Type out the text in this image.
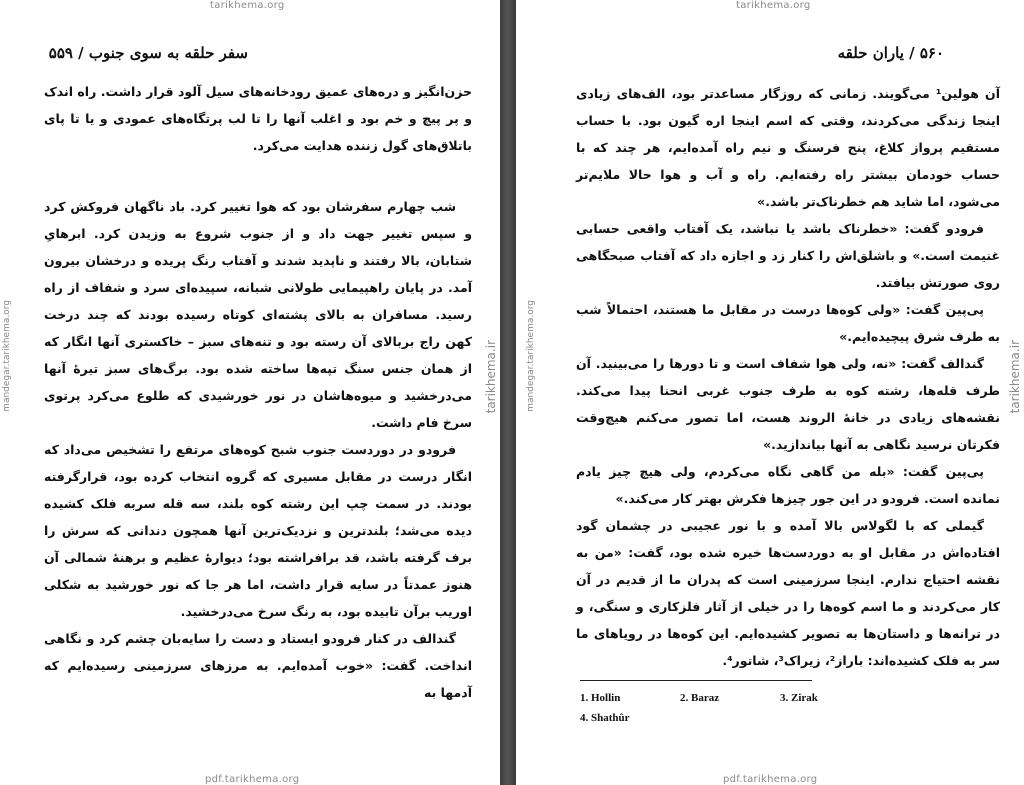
tarikhema.org
mandegar.tarikhema.org	tarikhema.ir
سفر حلقه به سوی جنوب / ۵۵۹

حزن‌انگیز و دره‌های عمیق رودخانه‌های سیل آلود قرار داشت. راه اندک و پر پیچ و خم بود و اغلب آنها را تا لب پرتگاه‌های عمودی و یا تا پای باتلاق‌های گول زننده هدایت می‌کرد.

شب چهارم سفرشان بود که هوا تغییر کرد. باد ناگهان فروکش کرد و سپس تغییر جهت داد و از جنوب شروع به وزیدن کرد. ابرهایِ شتابان، بالا رفتند و ناپدید شدند و آفتاب رنگ پریده و درخشان بیرون آمد. در پایان راهپیمایی طولانی شبانه، سپیده‌ای سرد و شفاف از راه رسید. مسافران به بالای پشته‌ای کوتاه رسیده بودند که چند درخت کهن راج بربالای آن رسته بود و تنه‌های سبز – خاکستری آنها انگار که از همان جنس سنگ تپه‌ها ساخته شده بود. برگ‌های سبز تیرهٔ آنها می‌درخشید و میوه‌هاشان در نور خورشیدی که طلوع می‌کرد پرتوی سرخ فام داشت.

فرودو در دوردست جنوب شبح کوه‌های مرتفع را تشخیص می‌داد که انگار درست در مقابل مسیری که گروه انتخاب کرده بود، قرارگرفته بودند. در سمت چپ این رشته کوه بلند، سه قله سربه فلک کشیده دیده می‌شد؛ بلندترین و نزدیک‌ترین آنها همچون دندانی که سرش را برف گرفته باشد، قد برافراشته بود؛ دیوارهٔ عظیم و برهنهٔ شمالی آن هنوز عمدتاً در سایه قرار داشت، اما هر جا که نور خورشید به شکلی اوریب برآن تابیده بود، به رنگ سرخ می‌درخشید.

گندالف در کنار فرودو ایستاد و دست را سایه‌بان چشم کرد و نگاهی انداخت. گفت: «خوب آمده‌ایم. به مرزهای سرزمینی رسیده‌ایم که آدمها به

pdf.tarikhema.org
tarikhema.org
mandegar.tarikhema.org	tarikhema.ir
۵۶۰ / یاران حلقه

آن هولین¹ می‌گویند. زمانی که روزگار مساعدتر بود، الف‌های زیادی اینجا زندگی می‌کردند، وقتی که اسم اینجا اره گیون بود. با حساب مستقیم پرواز کلاغ، پنج فرسنگ و نیم راه آمده‌ایم، هر چند که با حساب خودمان بیشتر راه رفته‌ایم. راه و آب و هوا حالا ملایم‌تر می‌شود، اما شاید هم خطرناک‌تر باشد.»

فرودو گفت: «خطرناک باشد یا نباشد، یک آفتاب واقعی حسابی غنیمت است.» و باشلق‌اش را کنار زد و اجازه داد که آفتاب صبحگاهی روی صورتش بیافتد.

پی‌پین گفت: «ولی کوه‌ها درست در مقابل ما هستند، احتمالاً شب به طرف شرق پیچیده‌ایم.»

گندالف گفت: «نه، ولی هوا شفاف است و تا دورها را می‌بینید. آن طرف قله‌ها، رشته کوه به طرف جنوب غربی انحنا پیدا می‌کند. نقشه‌های زیادی در خانهٔ الروند هست، اما تصور می‌کنم هیچ‌وقت فکرتان نرسید نگاهی به آنها بیاندازید.»

پی‌پین گفت: «بله من گاهی نگاه می‌کردم، ولی هیچ چیز یادم نمانده است. فرودو در این جور چیزها فکرش بهتر کار می‌کند.»

گیملی که با لگولاس بالا آمده و با نور عجیبی در چشمان گود افتاده‌اش در مقابل او به دوردست‌ها خیره شده بود، گفت: «من به نقشه احتیاج ندارم. اینجا سرزمینی است که پدران ما از قدیم در آن کار می‌کردند و ما اسم کوه‌ها را در خیلی از آثار فلزکاری و سنگی، و در ترانه‌ها و داستان‌ها به تصویر کشیده‌ایم. این کوه‌ها در رویاهای ما سر به فلک کشیده‌اند: باراز²، زیراک³، شاتور⁴.

1. Hollin	2. Baraz	3. Zirak
4. Shathûr
pdf.tarikhema.org
